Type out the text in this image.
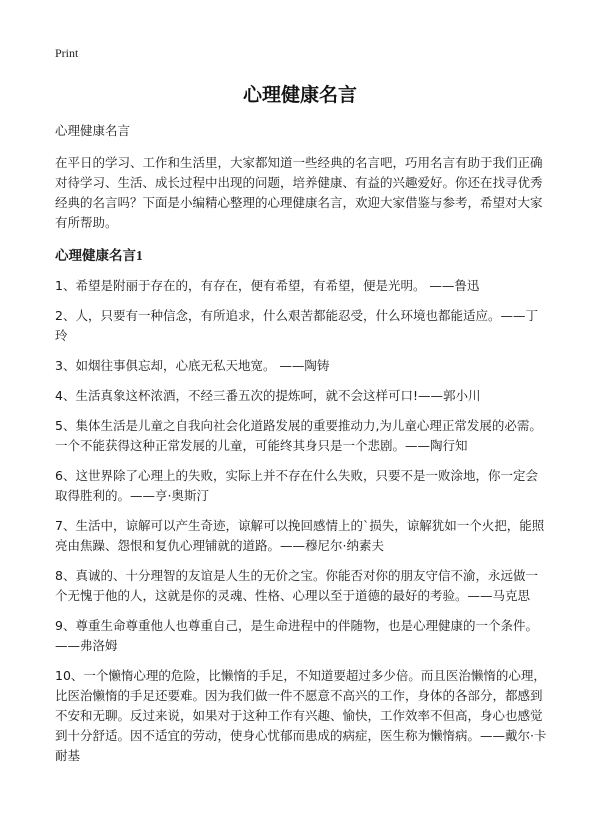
Print
心理健康名言

心理健康名言

在平日的学习、工作和生活里，大家都知道一些经典的名言吧，巧用名言有助于我们正确对待学习、生活、成长过程中出现的问题，培养健康、有益的兴趣爱好。你还在找寻优秀经典的名言吗？下面是小编精心整理的心理健康名言，欢迎大家借鉴与参考，希望对大家有所帮助。

心理健康名言1

1、希望是附丽于存在的，有存在，便有希望，有希望，便是光明。 ——鲁迅

2、人，只要有一种信念，有所追求，什么艰苦都能忍受，什么环境也都能适应。——丁玲

3、如烟往事俱忘却，心底无私天地宽。 ——陶铸

4、生活真象这杯浓酒，不经三番五次的提炼呵，就不会这样可口!——郭小川

5、集体生活是儿童之自我向社会化道路发展的重要推动力,为儿童心理正常发展的必需。一个不能获得这种正常发展的儿童，可能终其身只是一个悲剧。——陶行知

6、这世界除了心理上的失败，实际上并不存在什么失败，只要不是一败涂地，你一定会取得胜利的。——亨·奥斯汀

7、生活中，谅解可以产生奇迹，谅解可以挽回感情上的`损失，谅解犹如一个火把，能照亮由焦躁、怨恨和复仇心理铺就的道路。——穆尼尔·纳素夫

8、真诚的、十分理智的友谊是人生的无价之宝。你能否对你的朋友守信不渝，永远做一个无愧于他的人，这就是你的灵魂、性格、心理以至于道德的最好的考验。——马克思

9、尊重生命尊重他人也尊重自己，是生命进程中的伴随物，也是心理健康的一个条件。 ——弗洛姆

10、一个懒惰心理的危险，比懒惰的手足，不知道要超过多少倍。而且医治懒惰的心理，比医治懒惰的手足还要难。因为我们做一件不愿意不高兴的工作，身体的各部分，都感到不安和无聊。反过来说，如果对于这种工作有兴趣、愉快，工作效率不但高，身心也感觉到十分舒适。因不适宜的劳动，使身心忧郁而患成的病症，医生称为懒惰病。——戴尔·卡耐基
